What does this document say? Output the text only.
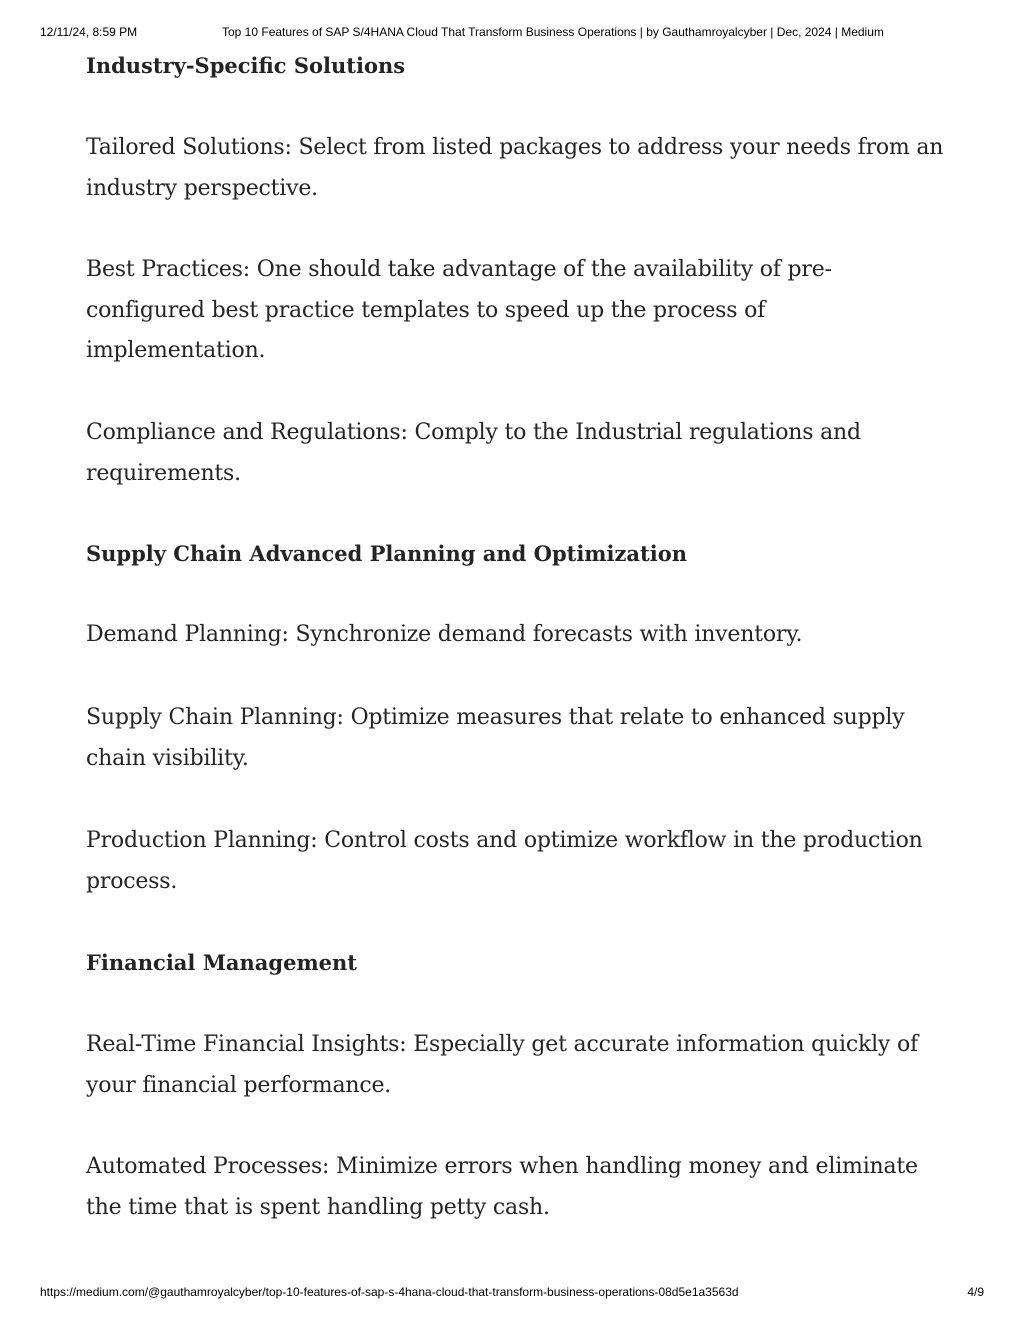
12/11/24, 8:59 PM	Top 10 Features of SAP S/4HANA Cloud That Transform Business Operations | by Gauthamroyalcyber | Dec, 2024 | Medium

Industry-Specific Solutions

Tailored Solutions: Select from listed packages to address your needs from an industry perspective.

Best Practices: One should take advantage of the availability of pre-configured best practice templates to speed up the process of implementation.

Compliance and Regulations: Comply to the Industrial regulations and requirements.

Supply Chain Advanced Planning and Optimization

Demand Planning: Synchronize demand forecasts with inventory.

Supply Chain Planning: Optimize measures that relate to enhanced supply chain visibility.

Production Planning: Control costs and optimize workflow in the production process.

Financial Management

Real-Time Financial Insights: Especially get accurate information quickly of your financial performance.

Automated Processes: Minimize errors when handling money and eliminate the time that is spent handling petty cash.

https://medium.com/@gauthamroyalcyber/top-10-features-of-sap-s-4hana-cloud-that-transform-business-operations-08d5e1a3563d	4/9
